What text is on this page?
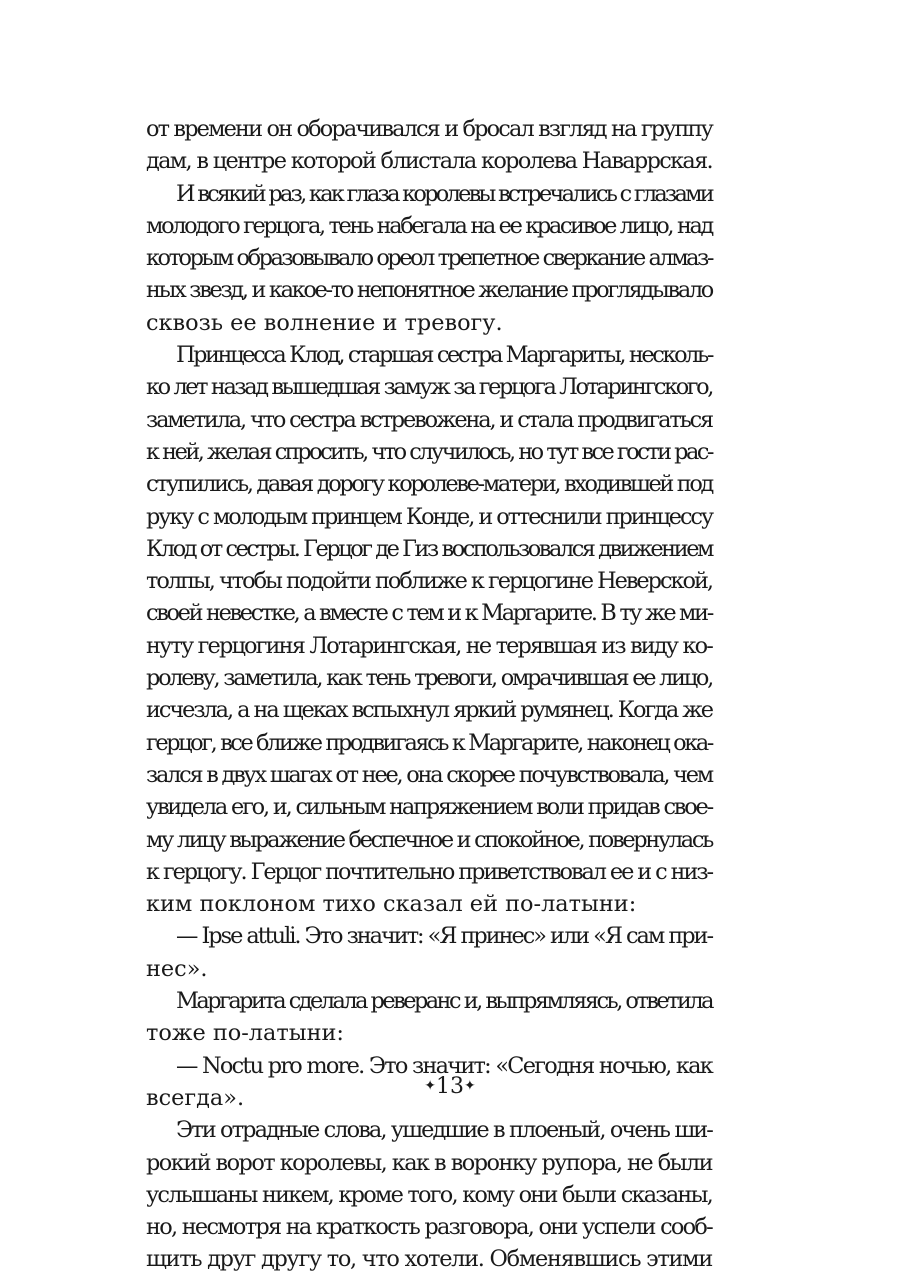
от времени он оборачивался и бросал взгляд на группу
дам, в центре которой блистала королева Наваррская.
И всякий раз, как глаза королевы встречались с глазами
молодого герцога, тень набегала на ее красивое лицо, над
которым образовывало ореол трепетное сверкание алмаз-
ных звезд, и какое-то непонятное желание проглядывало
сквозь ее волнение и тревогу.
Принцесса Клод, старшая сестра Маргариты, несколь-
ко лет назад вышедшая замуж за герцога Лотарингского,
заметила, что сестра встревожена, и стала продвигаться
к ней, желая спросить, что случилось, но тут все гости рас-
ступились, давая дорогу королеве-матери, входившей под
руку с молодым принцем Конде, и оттеснили принцессу
Клод от сестры. Герцог де Гиз воспользовался движением
толпы, чтобы подойти поближе к герцогине Неверской,
своей невестке, а вместе с тем и к Маргарите. В ту же ми-
нуту герцогиня Лотарингская, не терявшая из виду ко-
ролеву, заметила, как тень тревоги, омрачившая ее лицо,
исчезла, а на щеках вспыхнул яркий румянец. Когда же
герцог, все ближе продвигаясь к Маргарите, наконец ока-
зался в двух шагах от нее, она скорее почувствовала, чем
увидела его, и, сильным напряжением воли придав свое-
му лицу выражение беспечное и спокойное, повернулась
к герцогу. Герцог почтительно приветствовал ее и с низ-
ким поклоном тихо сказал ей по-латыни:
— Ipse attuli. Это значит: «Я принес» или «Я сам при-
нес».
Маргарита сделала реверанс и, выпрямляясь, ответила
тоже по-латыни:
— Noctu pro more. Это значит: «Сегодня ночью, как
всегда».
Эти отрадные слова, ушедшие в плоеный, очень ши-
рокий ворот королевы, как в воронку рупора, не были
услышаны никем, кроме того, кому они были сказаны,
но, несмотря на краткость разговора, они успели сооб-
щить друг другу то, что хотели. Обменявшись этими
✦13✦
